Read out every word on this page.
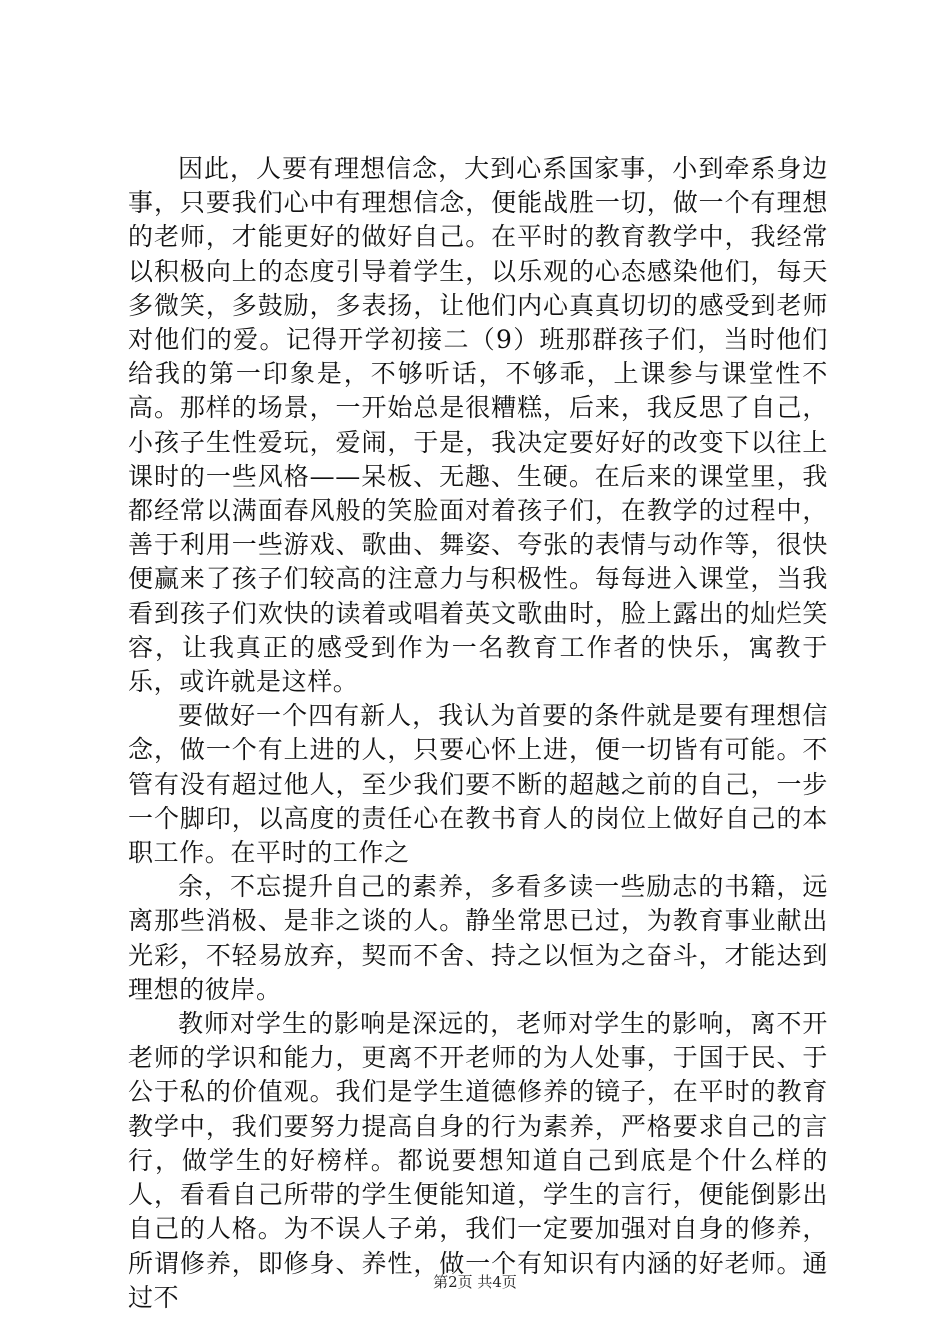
因此，人要有理想信念，大到心系国家事，小到牵系身边事，只要我们心中有理想信念，便能战胜一切，做一个有理想的老师，才能更好的做好自己。在平时的教育教学中，我经常以积极向上的态度引导着学生，以乐观的心态感染他们，每天多微笑，多鼓励，多表扬，让他们内心真真切切的感受到老师对他们的爱。记得开学初接二（9）班那群孩子们，当时他们给我的第一印象是，不够听话，不够乖，上课参与课堂性不高。那样的场景，一开始总是很糟糕，后来，我反思了自己，小孩子生性爱玩，爱闹，于是，我决定要好好的改变下以往上课时的一些风格——呆板、无趣、生硬。在后来的课堂里，我都经常以满面春风般的笑脸面对着孩子们，在教学的过程中，善于利用一些游戏、歌曲、舞姿、夸张的表情与动作等，很快便赢来了孩子们较高的注意力与积极性。每每进入课堂，当我看到孩子们欢快的读着或唱着英文歌曲时，脸上露出的灿烂笑容，让我真正的感受到作为一名教育工作者的快乐，寓教于乐，或许就是这样。

要做好一个四有新人，我认为首要的条件就是要有理想信念，做一个有上进的人，只要心怀上进，便一切皆有可能。不管有没有超过他人，至少我们要不断的超越之前的自己，一步一个脚印，以高度的责任心在教书育人的岗位上做好自己的本职工作。在平时的工作之

余，不忘提升自己的素养，多看多读一些励志的书籍，远离那些消极、是非之谈的人。静坐常思已过，为教育事业献出光彩，不轻易放弃，契而不舍、持之以恒为之奋斗，才能达到理想的彼岸。

教师对学生的影响是深远的，老师对学生的影响，离不开老师的学识和能力，更离不开老师的为人处事，于国于民、于公于私的价值观。我们是学生道德修养的镜子，在平时的教育教学中，我们要努力提高自身的行为素养，严格要求自己的言行，做学生的好榜样。都说要想知道自己到底是个什么样的人，看看自己所带的学生便能知道，学生的言行，便能倒影出自己的人格。为不误人子弟，我们一定要加强对自身的修养，所谓修养，即修身、养性，做一个有知识有内涵的好老师。通过不

第2页 共4页
